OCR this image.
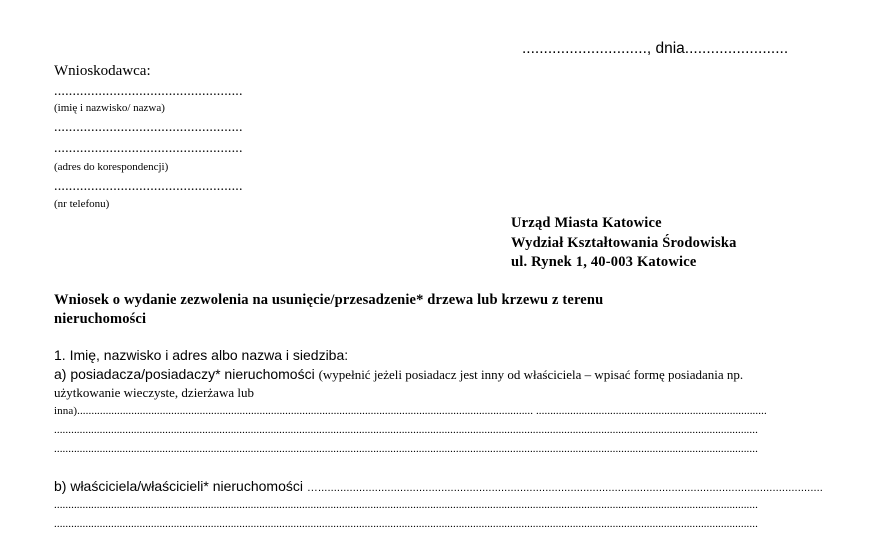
............................., dnia........................
Wnioskodawca:
...................................................
(imię i nazwisko/ nazwa)
...................................................
...................................................
(adres do korespondencji)
...................................................
(nr telefonu)
Urząd Miasta Katowice
Wydział Kształtowania Środowiska
ul. Rynek 1, 40-003 Katowice
Wniosek o wydanie zezwolenia na usunięcie/przesadzenie* drzewa lub krzewu z terenu
nieruchomości
1. Imię, nazwisko i adres albo nazwa i siedziba:
a) posiadacza/posiadaczy* nieruchomości (wypełnić jeżeli posiadacz jest inny od właściciela – wpisać formę posiadania np.
użytkowanie wieczyste, dzierżawa lub
inna)................................................................................................................................................................ .................................................................................
.......................................................................................................................................................................................................................................................
.......................................................................................................................................................................................................................................................
b) właściciela/właścicieli* nieruchomości …................................................................................................................................................................
.......................................................................................................................................................................................................................................................
.......................................................................................................................................................................................................................................................
